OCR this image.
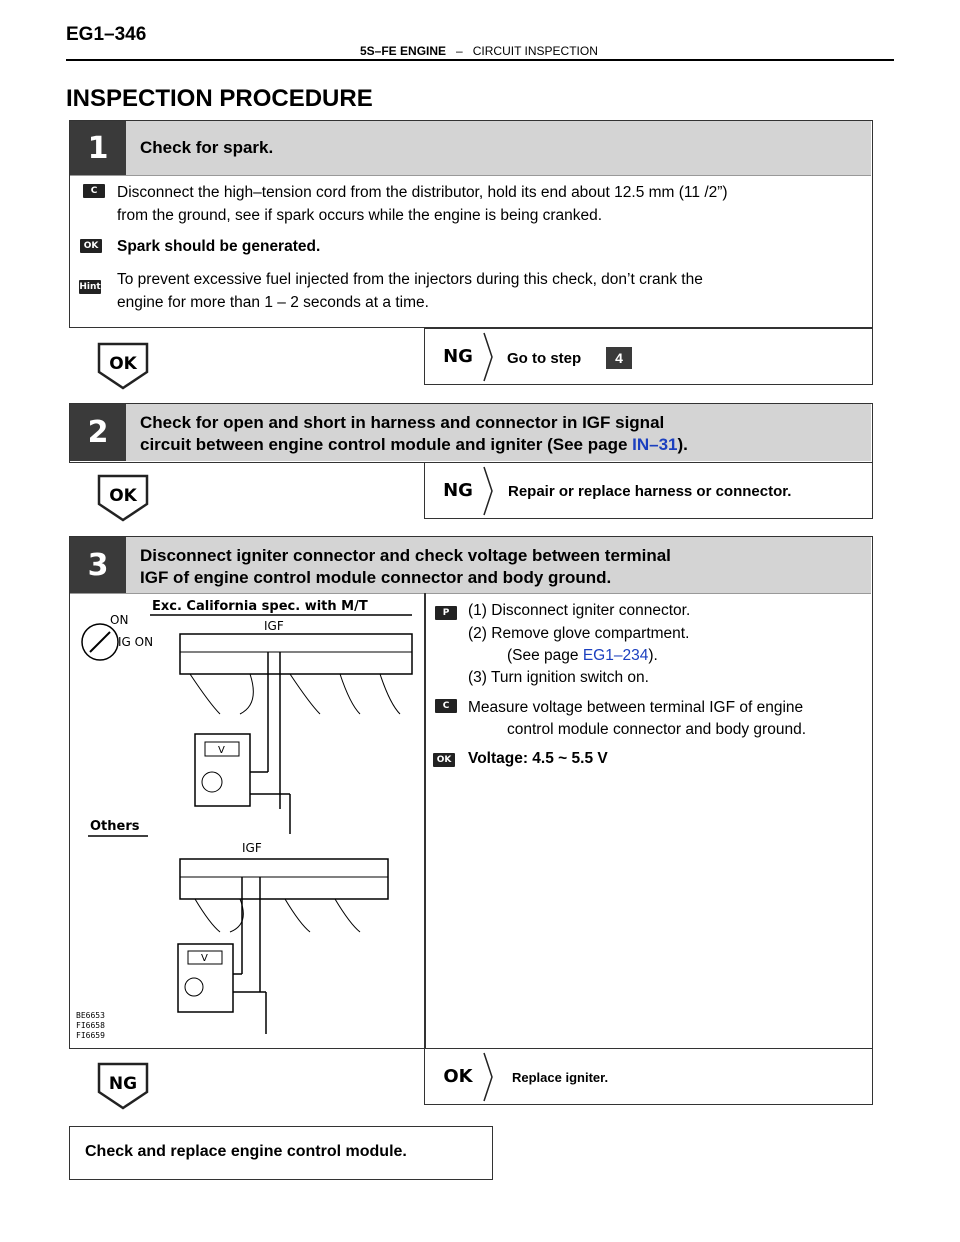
EG1–346
5S–FE ENGINE – CIRCUIT INSPECTION
INSPECTION PROCEDURE
1	Check for spark.
C	Disconnect the high–tension cord from the distributor, hold its end about 12.5 mm (11 /2”)
from the ground, see if spark occurs while the engine is being cranked.
OK Spark should be generated.
Hint To prevent excessive fuel injected from the injectors during this check, don’t crank the
engine for more than 1 – 2 seconds at a time.
OK	NG Go to step	4
2	Check for open and short in harness and connector in IGF signal
circuit between engine control module and igniter (See page IN–31).
OK	NG Repair or replace harness or connector.
3	Disconnect igniter connector and check voltage between terminal
IGF of engine control module connector and body ground.
Exc. California spec. with M/T
IGF
ON
IG ON
V
Others
IGF
V
BE6653
FI6658
FI6659
P	(1) Disconnect igniter connector.
(2) Remove glove compartment.
(See page EG1–234).
(3) Turn ignition switch on.
C	Measure voltage between terminal IGF of engine
control module connector and body ground.
OK Voltage: 4.5 ~ 5.5 V
NG	OK	Replace igniter.
Check and replace engine control module.
